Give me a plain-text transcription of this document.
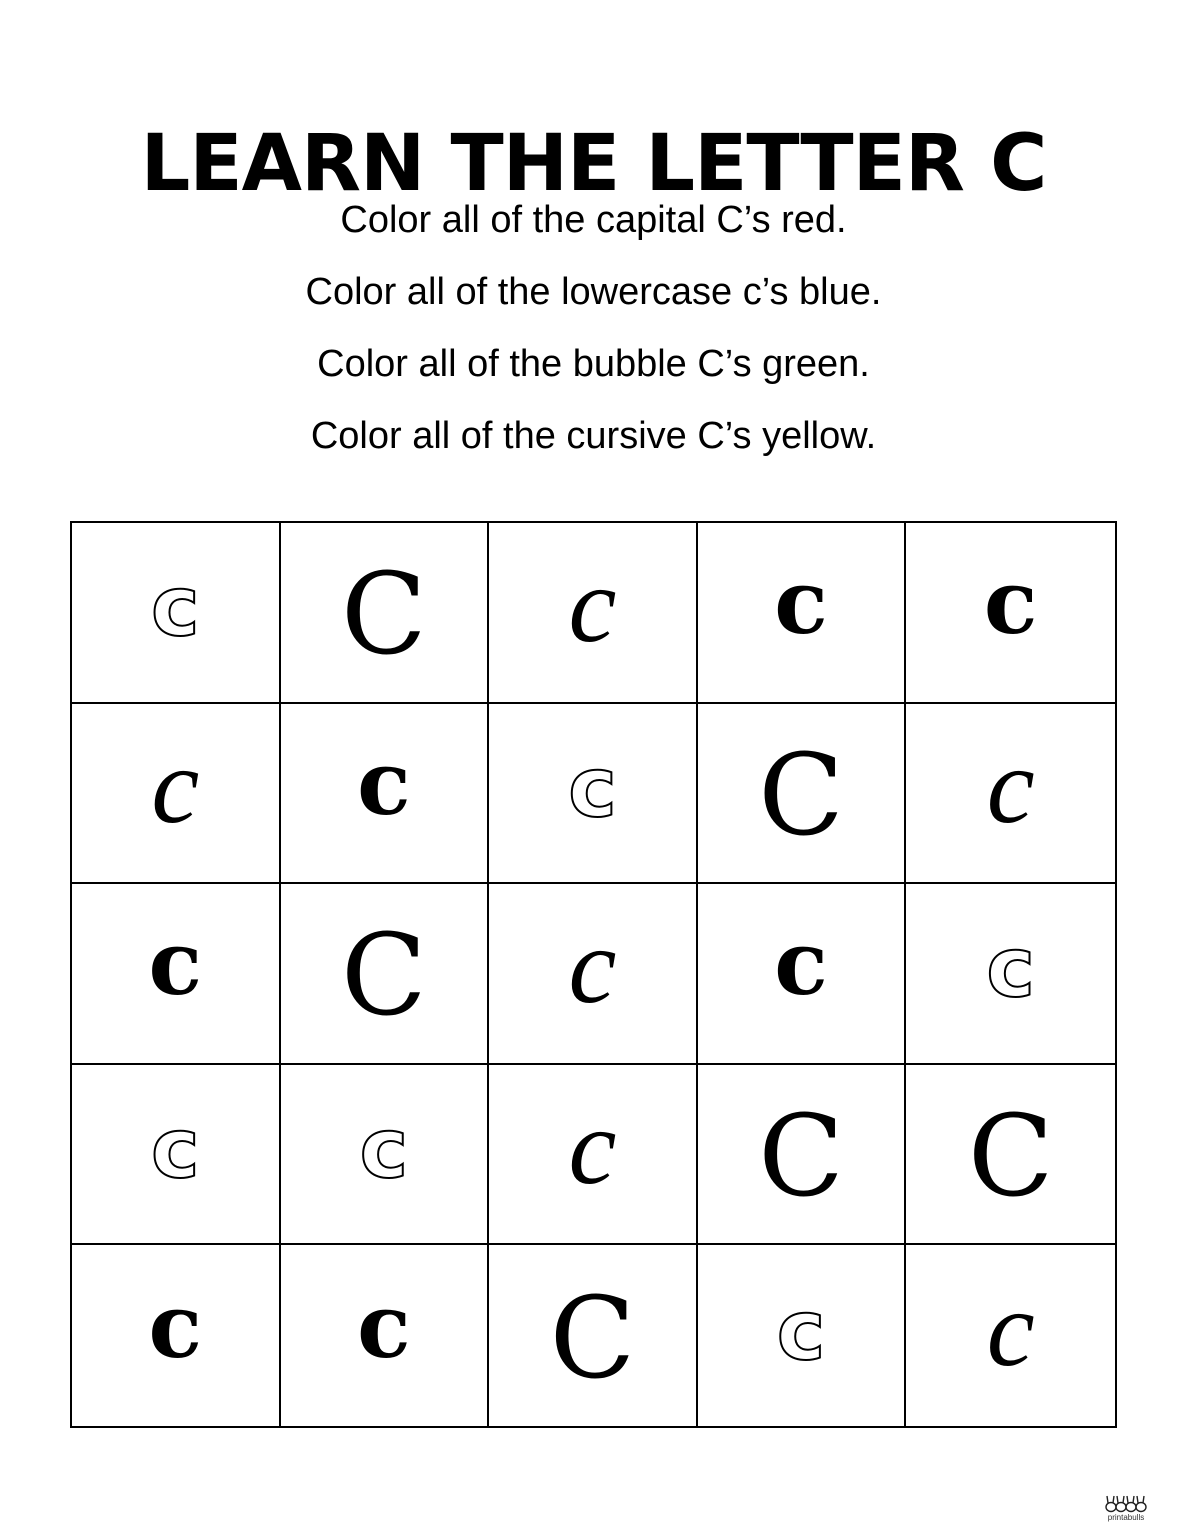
LEARN THE LETTER C
Color all of the capital C’s red.
Color all of the lowercase c’s blue.
Color all of the bubble C’s green.
Color all of the cursive C’s yellow.
c C c c c
c c c C c
c C c c c
c c c C C
c c C c c
printabulls
